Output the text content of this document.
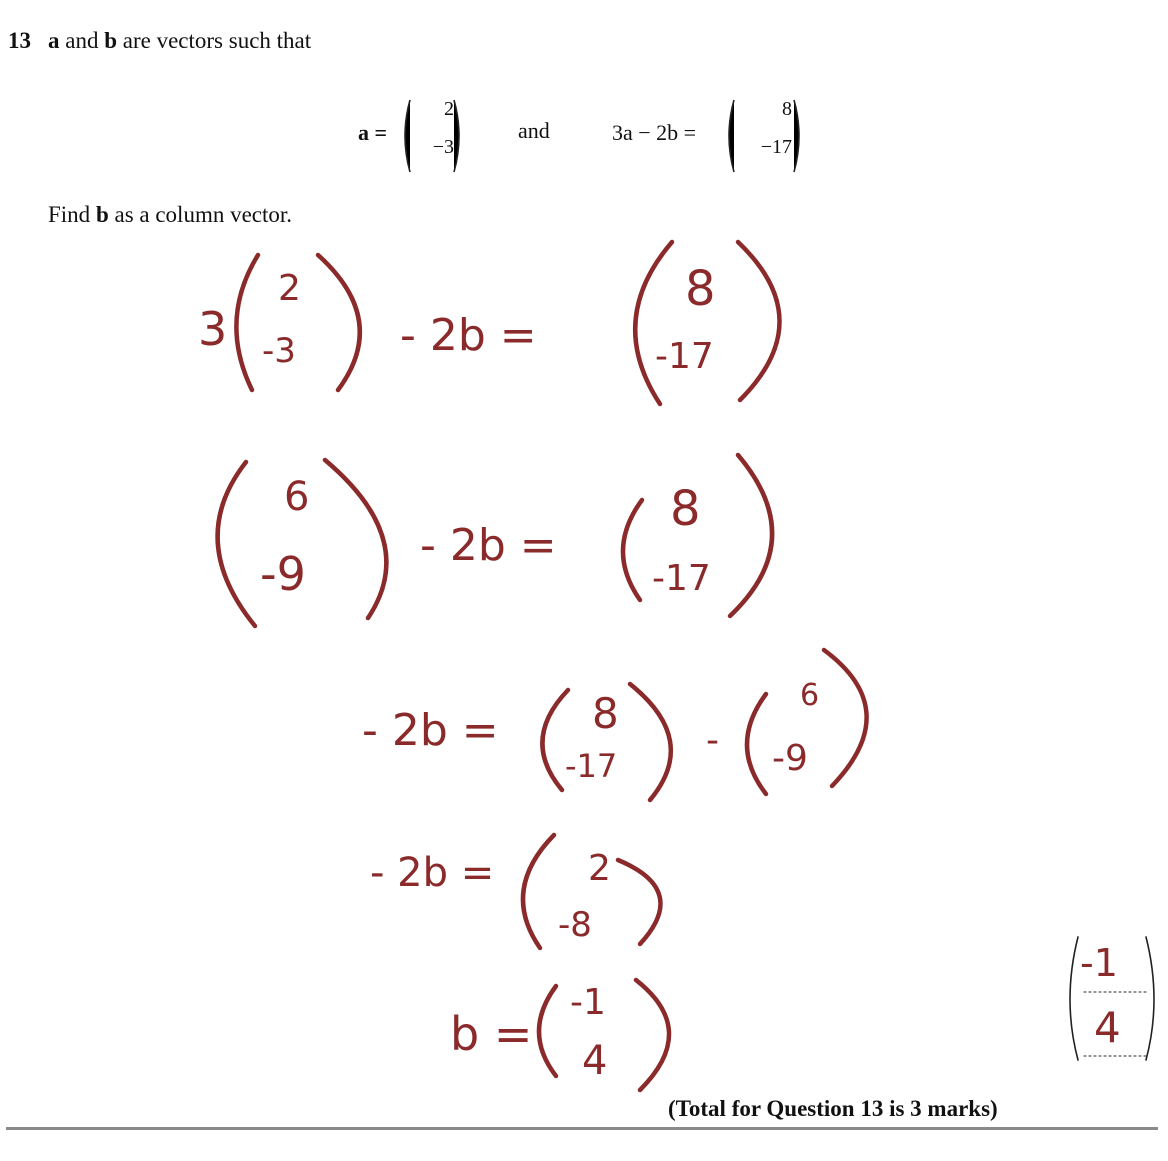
13 a and b are vectors such that
a =
2
−3
and	3a − 2b =
8
−17
Find b as a column vector.
3
2
-3 - 2b =
8
-17
6
-9
- 2b =
8
-17
- 2b = 8
-17
-
6
-9
- 2b =	2
-8
b =
-1
4
-1
4
(Total for Question 13 is 3 marks)
